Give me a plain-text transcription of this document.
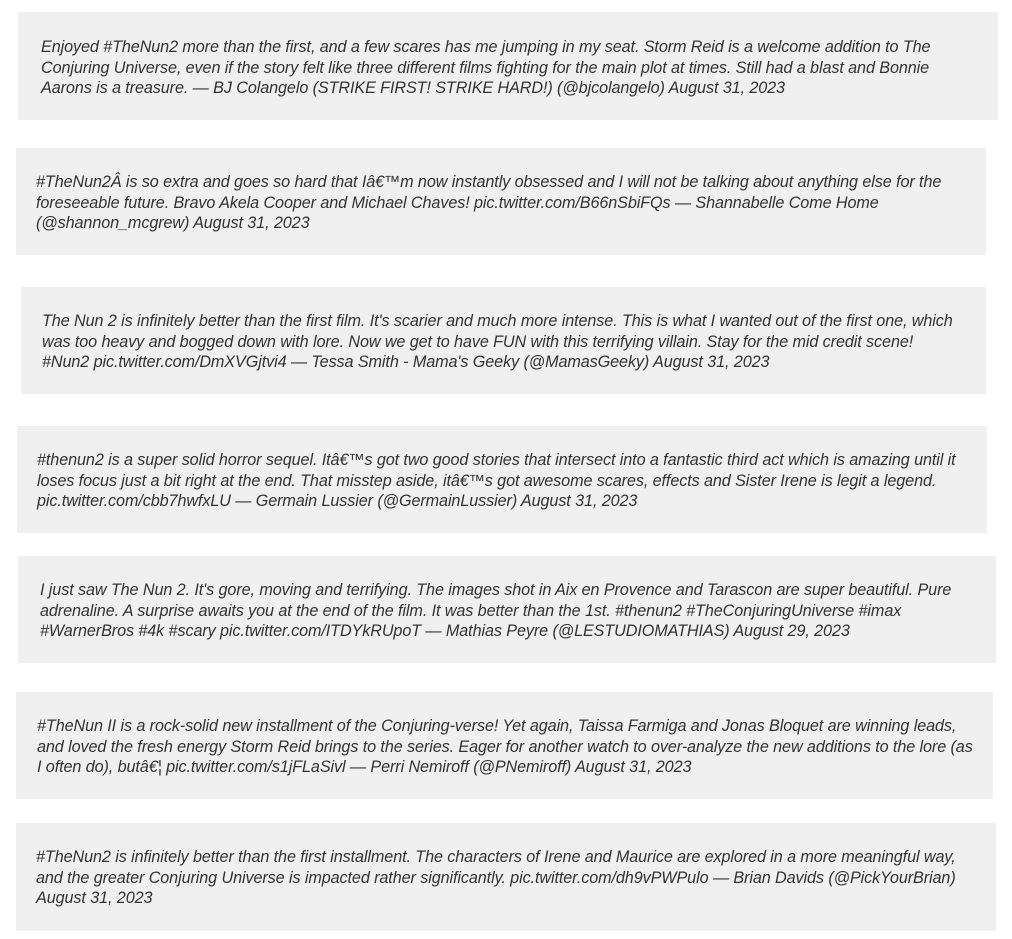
Enjoyed #TheNun2 more than the first, and a few scares has me jumping in my seat. Storm Reid is a welcome addition to The Conjuring Universe, even if the story felt like three different films fighting for the main plot at times. Still had a blast and Bonnie Aarons is a treasure. — BJ Colangelo (STRIKE FIRST! STRIKE HARD!) (@bjcolangelo) August 31, 2023

#TheNun2Â is so extra and goes so hard that Iâ€™m now instantly obsessed and I will not be talking about anything else for the foreseeable future. Bravo Akela Cooper and Michael Chaves! pic.twitter.com/B66nSbiFQs — Shannabelle Come Home (@shannon_mcgrew) August 31, 2023

The Nun 2 is infinitely better than the first film. It's scarier and much more intense. This is what I wanted out of the first one, which was too heavy and bogged down with lore. Now we get to have FUN with this terrifying villain. Stay for the mid credit scene! #Nun2 pic.twitter.com/DmXVGjtvi4 — Tessa Smith - Mama's Geeky (@MamasGeeky) August 31, 2023

#thenun2 is a super solid horror sequel. Itâ€™s got two good stories that intersect into a fantastic third act which is amazing until it loses focus just a bit right at the end. That misstep aside, itâ€™s got awesome scares, effects and Sister Irene is legit a legend. pic.twitter.com/cbb7hwfxLU — Germain Lussier (@GermainLussier) August 31, 2023

I just saw The Nun 2. It's gore, moving and terrifying. The images shot in Aix en Provence and Tarascon are super beautiful. Pure adrenaline. A surprise awaits you at the end of the film. It was better than the 1st. #thenun2 #TheConjuringUniverse #imax #WarnerBros #4k #scary pic.twitter.com/ITDYkRUpoT — Mathias Peyre (@LESTUDIOMATHIAS) August 29, 2023

#TheNun II is a rock-solid new installment of the Conjuring-verse! Yet again, Taissa Farmiga and Jonas Bloquet are winning leads, and loved the fresh energy Storm Reid brings to the series. Eager for another watch to over-analyze the new additions to the lore (as I often do), butâ€¦ pic.twitter.com/s1jFLaSivl — Perri Nemiroff (@PNemiroff) August 31, 2023

#TheNun2 is infinitely better than the first installment. The characters of Irene and Maurice are explored in a more meaningful way, and the greater Conjuring Universe is impacted rather significantly. pic.twitter.com/dh9vPWPulo — Brian Davids (@PickYourBrian) August 31, 2023
